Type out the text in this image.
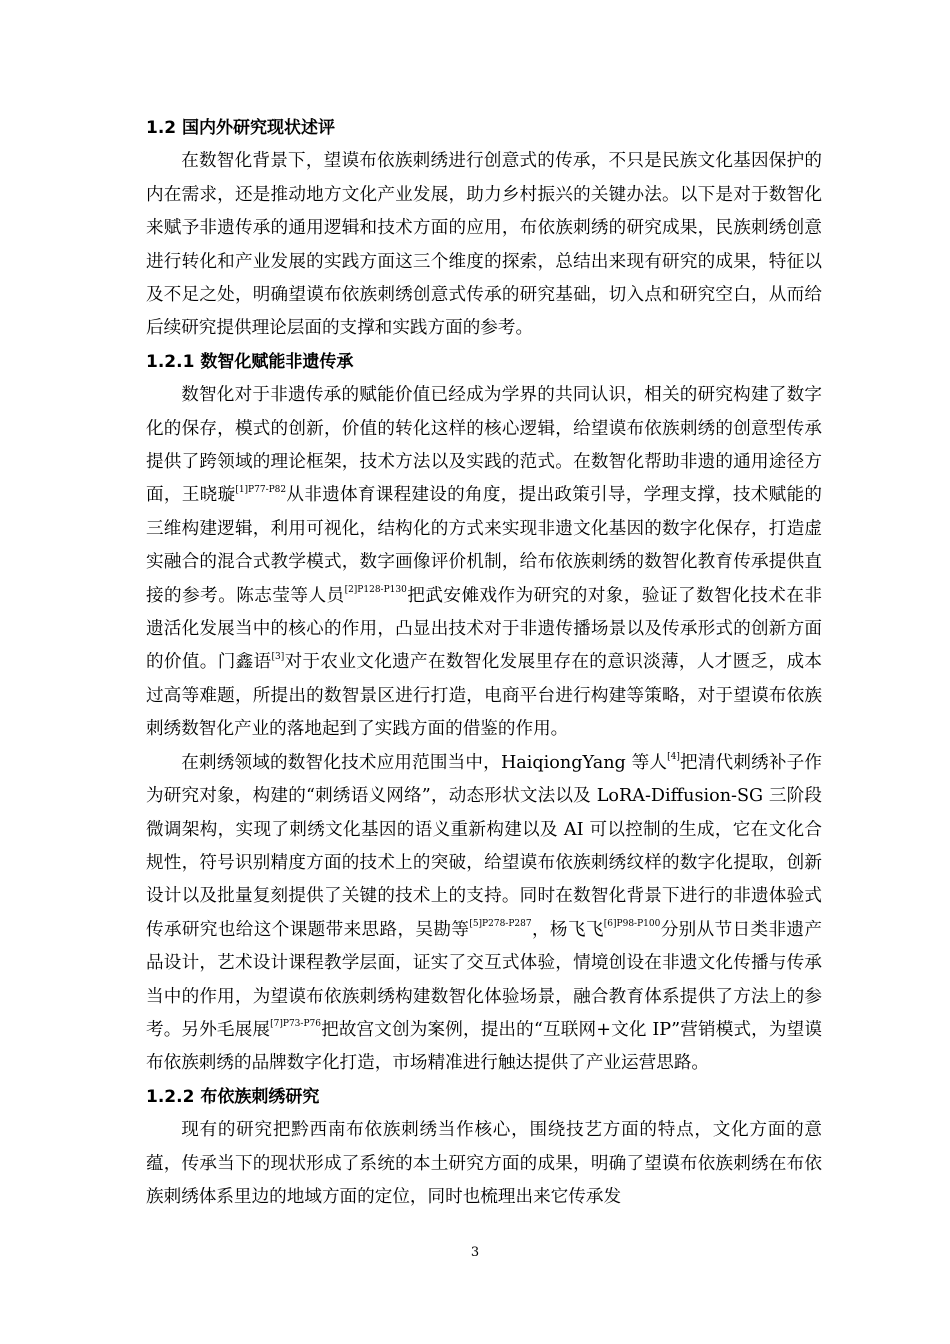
1.2 国内外研究现状述评

在数智化背景下，望谟布依族刺绣进行创意式的传承，不只是民族文化基因保护的内在需求，还是推动地方文化产业发展，助力乡村振兴的关键办法。以下是对于数智化来赋予非遗传承的通用逻辑和技术方面的应用，布依族刺绣的研究成果，民族刺绣创意进行转化和产业发展的实践方面这三个维度的探索，总结出来现有研究的成果，特征以及不足之处，明确望谟布依族刺绣创意式传承的研究基础，切入点和研究空白，从而给后续研究提供理论层面的支撑和实践方面的参考。

1.2.1 数智化赋能非遗传承

数智化对于非遗传承的赋能价值已经成为学界的共同认识，相关的研究构建了数字化的保存，模式的创新，价值的转化这样的核心逻辑，给望谟布依族刺绣的创意型传承提供了跨领域的理论框架，技术方法以及实践的范式。在数智化帮助非遗的通用途径方面，王晓璇$^{[1]P77-P82}$从非遗体育课程建设的角度，提出政策引导，学理支撑，技术赋能的三维构建逻辑，利用可视化，结构化的方式来实现非遗文化基因的数字化保存，打造虚实融合的混合式教学模式，数字画像评价机制，给布依族刺绣的数智化教育传承提供直接的参考。陈志莹等人员$^{[2]P128-P130}$把武安傩戏作为研究的对象，验证了数智化技术在非遗活化发展当中的核心的作用，凸显出技术对于非遗传播场景以及传承形式的创新方面的价值。门鑫语[3]对于农业文化遗产在数智化发展里存在的意识淡薄，人才匮乏，成本过高等难题，所提出的数智景区进行打造，电商平台进行构建等策略，对于望谟布依族刺绣数智化产业的落地起到了实践方面的借鉴的作用。

在刺绣领域的数智化技术应用范围当中，HaiqiongYang 等人[4]把清代刺绣补子作为研究对象，构建的“刺绣语义网络”，动态形状文法以及 LoRA-Diffusion-SG 三阶段微调架构，实现了刺绣文化基因的语义重新构建以及 AI 可以控制的生成，它在文化合规性，符号识别精度方面的技术上的突破，给望谟布依族刺绣纹样的数字化提取，创新设计以及批量复刻提供了关键的技术上的支持。同时在数智化背景下进行的非遗体验式传承研究也给这个课题带来思路，吴勘等$^{[5]P278-P287}$，杨飞飞$^{[6]P98-P100}$分别从节日类非遗产品设计，艺术设计课程教学层面，证实了交互式体验，情境创设在非遗文化传播与传承当中的作用，为望谟布依族刺绣构建数智化体验场景，融合教育体系提供了方法上的参考。另外毛展展$^{[7]P73-P76}$把故宫文创为案例，提出的“互联网+文化 IP”营销模式，为望谟布依族刺绣的品牌数字化打造，市场精准进行触达提供了产业运营思路。

1.2.2 布依族刺绣研究

现有的研究把黔西南布依族刺绣当作核心，围绕技艺方面的特点，文化方面的意蕴，传承当下的现状形成了系统的本土研究方面的成果，明确了望谟布依族刺绣在布依族刺绣体系里边的地域方面的定位，同时也梳理出来它传承发

3
